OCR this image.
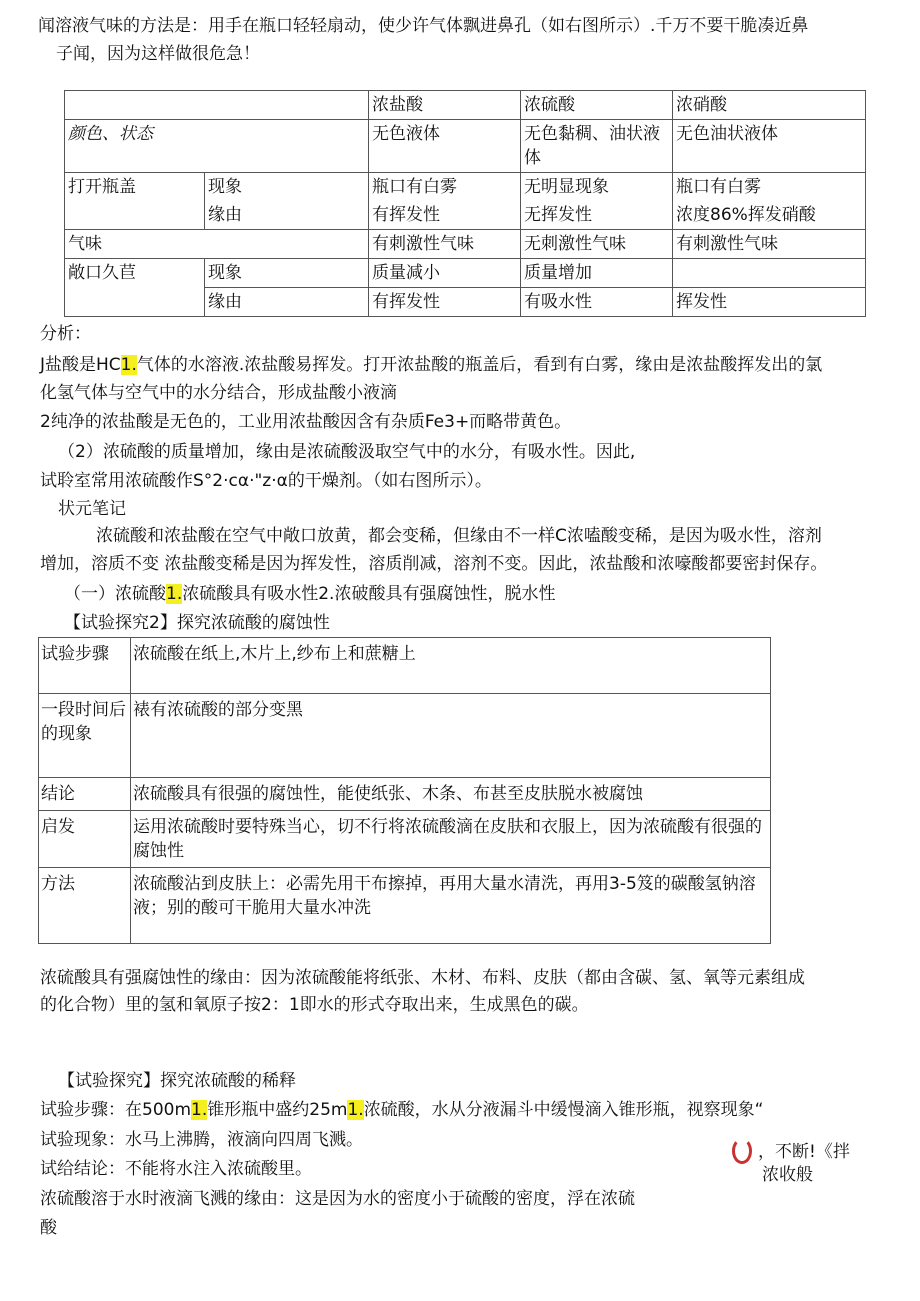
闻溶液气味的方法是：用手在瓶口轻轻扇动，使少许气体飘进鼻孔（如右图所示）.千万不要干脆凑近鼻
子闻，因为这样做很危急！
		浓盐酸	浓硫酸	浓硝酸
颜色、状态		无色液体	无色黏稠、油状液体	无色油状液体
打开瓶盖	现象	瓶口有白雾	无明显现象	瓶口有白雾
	缘由	有挥发性	无挥发性	浓度86%挥发硝酸
气味		有刺激性气味	无刺激性气味	有刺激性气味
敞口久苣	现象	质量减小	质量增加	
	缘由	有挥发性	有吸水性	挥发性
分析：
J盐酸是HC1.气体的水溶液.浓盐酸易挥发。打开浓盐酸的瓶盖后，看到有白雾，缘由是浓盐酸挥发出的氯
化氢气体与空气中的水分结合，形成盐酸小液滴
2纯净的浓盐酸是无色的，工业用浓盐酸因含有杂质Fe3+而略带黄色。
（2）浓硫酸的质量增加，缘由是浓硫酸汲取空气中的水分，有吸水性。因此,
试聆室常用浓硫酸作S°2·cα·"z·α的干燥剂。（如右图所示）。
状元笔记
浓硫酸和浓盐酸在空气中敞口放黄，都会变稀，但缘由不一样C浓嗑酸变稀，是因为吸水性，溶剂
增加，溶质不变 浓盐酸变稀是因为挥发性，溶质削减，溶剂不变。因此，浓盐酸和浓嚎酸都要密封保存。
（一）浓硫酸1.浓硫酸具有吸水性2.浓破酸具有强腐蚀性，脱水性
【试验探究2】探究浓硫酸的腐蚀性
试验步骤	浓硫酸在纸上,木片上,纱布上和蔗糖上
一段时间后的现象	裱有浓硫酸的部分变黑
结论	浓硫酸具有很强的腐蚀性，能使纸张、木条、布甚至皮肤脱水被腐蚀
启发	运用浓硫酸时要特殊当心，切不行将浓硫酸滴在皮肤和衣服上，因为浓硫酸有很强的腐蚀性
方法	浓硫酸沾到皮肤上：必需先用干布擦掉，再用大量水清洗，再用3-5笈的碳酸氢钠溶液；别的酸可干脆用大量水冲洗
浓硫酸具有强腐蚀性的缘由：因为浓硫酸能将纸张、木材、布料、皮肤（都由含碳、氢、氧等元素组成
的化合物）里的氢和氧原子按2：1即水的形式夺取出来，生成黑色的碳。
【试验探究】探究浓硫酸的稀释
试验步骤：在500m1.锥形瓶中盛约25m1.浓硫酸，水从分液漏斗中缓慢滴入锥形瓶，视察现象“
试验现象：水马上沸腾，液滴向四周飞溅。
试给结论：不能将水注入浓硫酸里。
浓硫酸溶于水时液滴飞溅的缘由：这是因为水的密度小于硫酸的密度，浮在浓硫
酸
，不断!《拌
浓收般
